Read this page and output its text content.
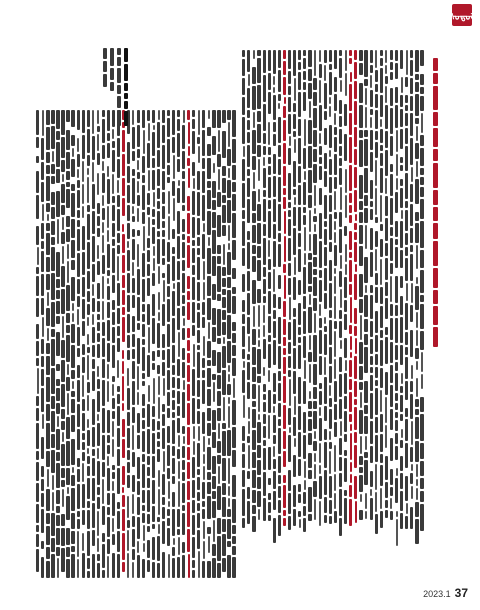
ᠰᠤᠳᠤᠯ
2023.1 37
